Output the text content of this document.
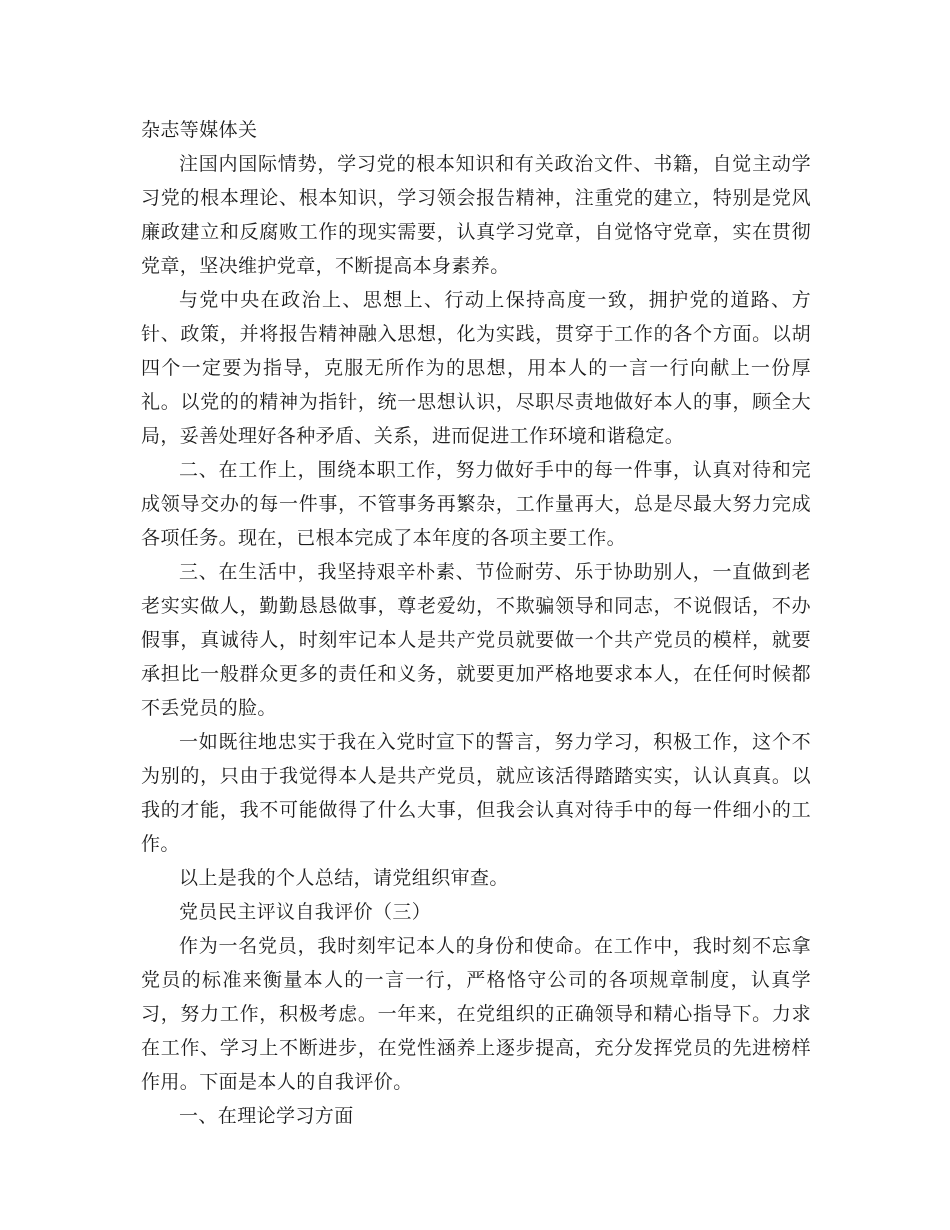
杂志等媒体关

注国内国际情势，学习党的根本知识和有关政治文件、书籍，自觉主动学习党的根本理论、根本知识，学习领会报告精神，注重党的建立，特别是党风廉政建立和反腐败工作的现实需要，认真学习党章，自觉恪守党章，实在贯彻党章，坚决维护党章，不断提高本身素养。

与党中央在政治上、思想上、行动上保持高度一致，拥护党的道路、方针、政策，并将报告精神融入思想，化为实践，贯穿于工作的各个方面。以胡四个一定要为指导，克服无所作为的思想，用本人的一言一行向献上一份厚礼。以党的的精神为指针，统一思想认识，尽职尽责地做好本人的事，顾全大局，妥善处理好各种矛盾、关系，进而促进工作环境和谐稳定。

二、在工作上，围绕本职工作，努力做好手中的每一件事，认真对待和完成领导交办的每一件事，不管事务再繁杂，工作量再大，总是尽最大努力完成各项任务。现在，已根本完成了本年度的各项主要工作。

三、在生活中，我坚持艰辛朴素、节俭耐劳、乐于协助别人，一直做到老老实实做人，勤勤恳恳做事，尊老爱幼，不欺骗领导和同志，不说假话，不办假事，真诚待人，时刻牢记本人是共产党员就要做一个共产党员的模样，就要承担比一般群众更多的责任和义务，就要更加严格地要求本人，在任何时候都不丢党员的脸。

一如既往地忠实于我在入党时宣下的誓言，努力学习，积极工作，这个不为别的，只由于我觉得本人是共产党员，就应该活得踏踏实实，认认真真。以我的才能，我不可能做得了什么大事，但我会认真对待手中的每一件细小的工作。

以上是我的个人总结，请党组织审查。

党员民主评议自我评价（三）

作为一名党员，我时刻牢记本人的身份和使命。在工作中，我时刻不忘拿党员的标准来衡量本人的一言一行，严格恪守公司的各项规章制度，认真学习，努力工作，积极考虑。一年来，在党组织的正确领导和精心指导下。力求在工作、学习上不断进步，在党性涵养上逐步提高，充分发挥党员的先进榜样作用。下面是本人的自我评价。

一、在理论学习方面
